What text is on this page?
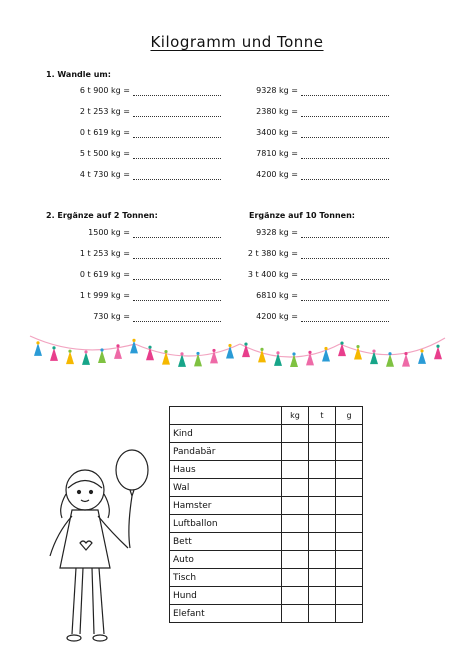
Kilogramm und Tonne
1. Wandle um:
6 t 900 kg =
2 t 253 kg =
0 t 619 kg =
5 t 500 kg =
4 t 730 kg =
9328 kg =
2380 kg =
3400 kg =
7810 kg =
4200 kg =
2. Ergänze auf 2 Tonnen:	Ergänze auf 10 Tonnen:
1500 kg =
1 t 253 kg =
0 t 619 kg =
1 t 999 kg =
730 kg =
9328 kg =
2 t 380 kg =
3 t 400 kg =
6810 kg =
4200 kg =
	kg	t	g
Kind			
Pandabär			
Haus			
Wal			
Hamster			
Luftballon			
Bett			
Auto			
Tisch			
Hund			
Elefant			
